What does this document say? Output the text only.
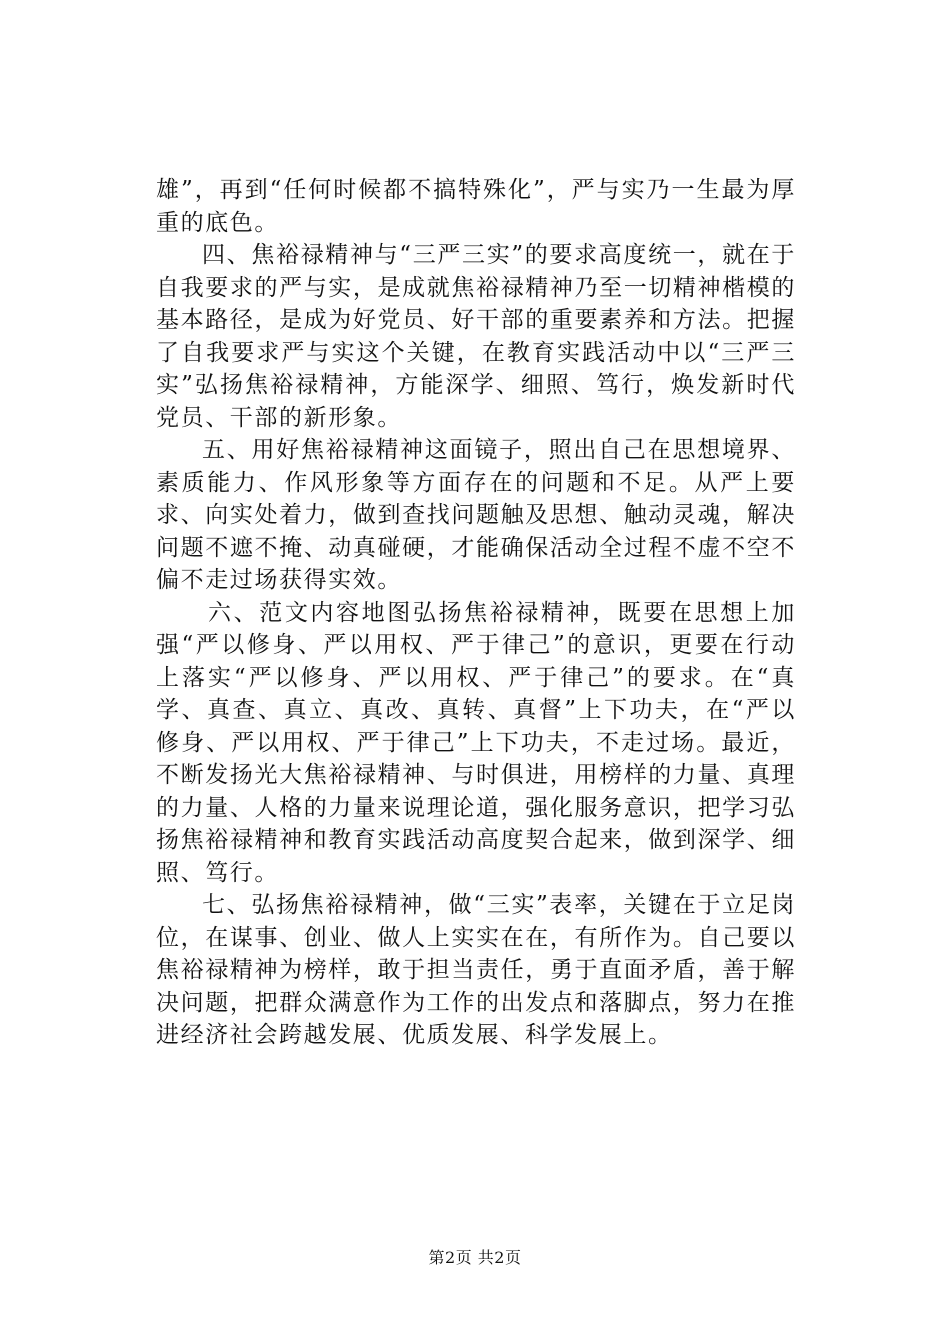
雄”，再到“任何时候都不搞特殊化”，严与实乃一生最为厚重的底色。

四、焦裕禄精神与“三严三实”的要求高度统一，就在于自我要求的严与实，是成就焦裕禄精神乃至一切精神楷模的基本路径，是成为好党员、好干部的重要素养和方法。把握了自我要求严与实这个关键，在教育实践活动中以“三严三实”弘扬焦裕禄精神，方能深学、细照、笃行，焕发新时代党员、干部的新形象。

五、用好焦裕禄精神这面镜子，照出自己在思想境界、素质能力、作风形象等方面存在的问题和不足。从严上要求、向实处着力，做到查找问题触及思想、触动灵魂，解决问题不遮不掩、动真碰硬，才能确保活动全过程不虚不空不偏不走过场获得实效。

六、范文内容地图弘扬焦裕禄精神，既要在思想上加强“严以修身、严以用权、严于律己”的意识，更要在行动上落实“严以修身、严以用权、严于律己”的要求。在“真学、真查、真立、真改、真转、真督”上下功夫，在“严以修身、严以用权、严于律己”上下功夫，不走过场。最近，不断发扬光大焦裕禄精神、与时俱进，用榜样的力量、真理的力量、人格的力量来说理论道，强化服务意识，把学习弘扬焦裕禄精神和教育实践活动高度契合起来，做到深学、细照、笃行。

七、弘扬焦裕禄精神，做“三实”表率，关键在于立足岗位，在谋事、创业、做人上实实在在，有所作为。自己要以焦裕禄精神为榜样，敢于担当责任，勇于直面矛盾，善于解决问题，把群众满意作为工作的出发点和落脚点，努力在推进经济社会跨越发展、优质发展、科学发展上。

第2页 共2页
